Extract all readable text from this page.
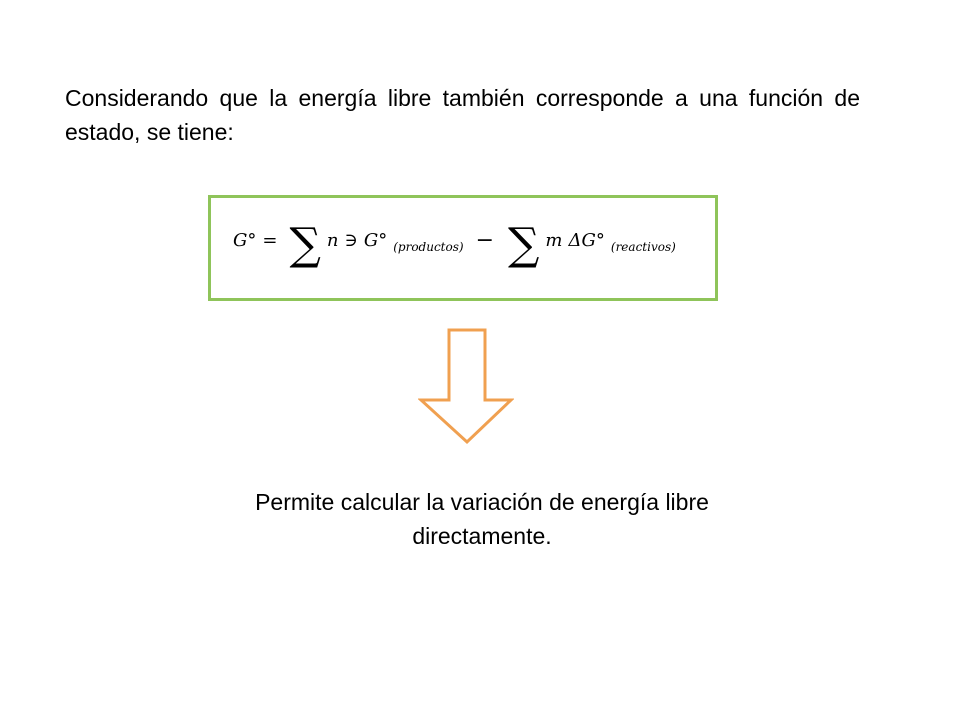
Considerando que la energía libre también corresponde a una función de estado, se tiene:

G° = ∑ n ∋ G° (productos) − ∑ m ΔG° (reactivos)

Permite calcular la variación de energía libre directamente.
